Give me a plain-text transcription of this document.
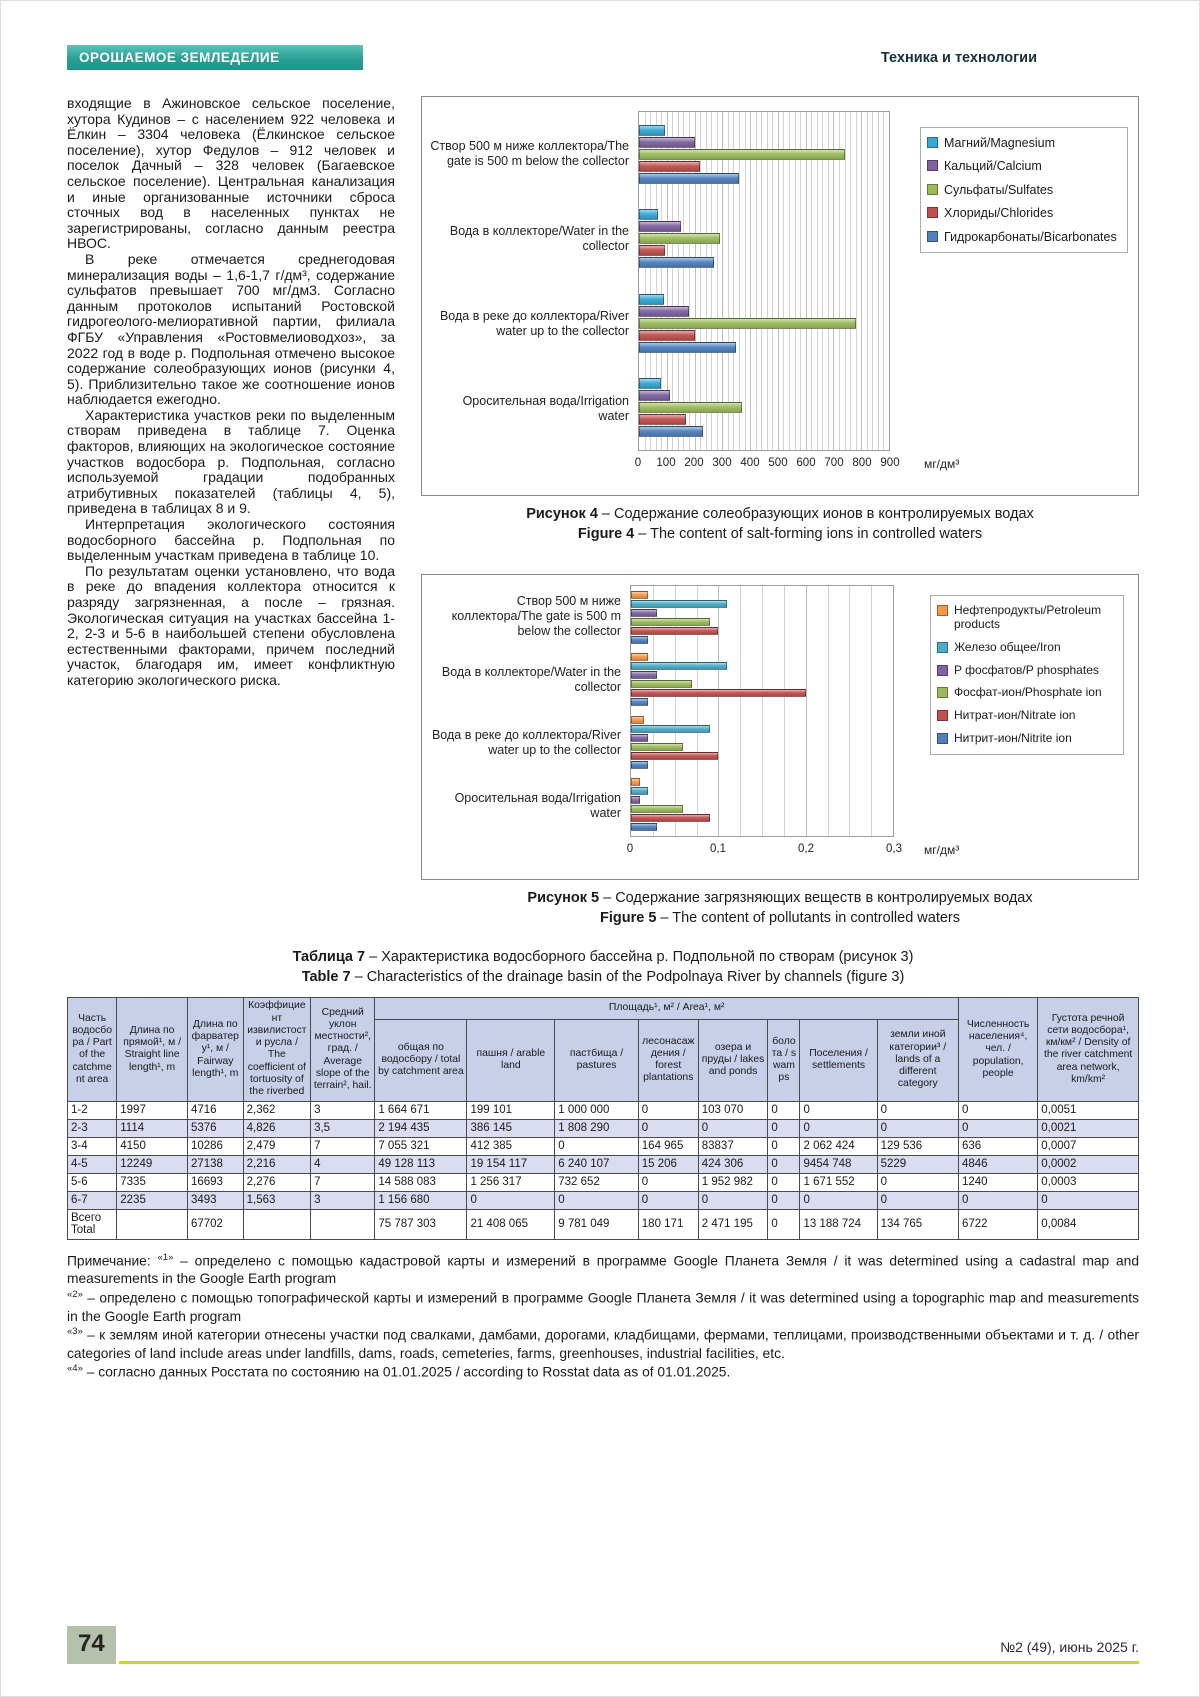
ОРОШАЕМОЕ ЗЕМЛЕДЕЛИЕ	Техника и технологии

входящие в Ажиновское сельское поселение, хутора Кудинов – с населением 922 человека и Ёлкин – 3304 человека (Ёлкинское сельское поселение), хутор Федулов – 912 человек и поселок Дачный – 328 человек (Багаевское сельское поселение). Центральная канализация и иные организованные источники сброса сточных вод в населенных пунктах не зарегистрированы, согласно данным реестра НВОС.

В реке отмечается среднегодовая минерализация воды – 1,6-1,7 г/дм³, содержание сульфатов превышает 700 мг/дм3. Согласно данным протоколов испытаний Ростовской гидрогеолого-мелиоративной партии, филиала ФГБУ «Управления «Ростовмелиоводхоз», за 2022 год в воде р. Подпольная отмечено высокое содержание солеобразующих ионов (рисунки 4, 5). Приблизительно такое же соотношение ионов наблюдается ежегодно.

Характеристика участков реки по выделенным створам приведена в таблице 7. Оценка факторов, влияющих на экологическое состояние участков водосбора р. Подпольная, согласно используемой градации подобранных атрибутивных показателей (таблицы 4, 5), приведена в таблицах 8 и 9.

Интерпретация экологического состояния водосборного бассейна р. Подпольная по выделенным участкам приведена в таблице 10.

По результатам оценки установлено, что вода в реке до впадения коллектора относится к разряду загрязненная, а после – грязная. Экологическая ситуация на участках бассейна 1-2, 2-3 и 5-6 в наибольшей степени обусловлена естественными факторами, причем последний участок, благодаря им, имеет конфликтную категорию экологического риска.

Створ 500 м ниже коллектора/The gate is 500 m below the collector
Вода в коллекторе/Water in the collector
Вода в реке до коллектора/River water up to the collector
Оросительная вода/Irrigation water
0 100 200 300 400 500 600 700 800 900 мг/дм³
Магний/Magnesium
Кальций/Calcium
Сульфаты/Sulfates
Хлориды/Chlorides
Гидрокарбонаты/Bicarbonates
Рисунок 4 – Содержание солеобразующих ионов в контролируемых водах
Figure 4 – The content of salt-forming ions in controlled waters
Створ 500 м ниже коллектора/The gate is 500 m below the collector
Вода в коллекторе/Water in the collector
Вода в реке до коллектора/River water up to the collector
Оросительная вода/Irrigation water
0	0,1	0,2	0,3 мг/дм³
Нефтепродукты/Petroleum products
Железо общее/Iron
P фосфатов/P phosphates
Фосфат-ион/Phosphate ion
Нитрат-ион/Nitrate ion
Нитрит-ион/Nitrite ion
Рисунок 5 – Содержание загрязняющих веществ в контролируемых водах
Figure 5 – The content of pollutants in controlled waters
Таблица 7 – Характеристика водосборного бассейна р. Подпольной по створам (рисунок 3)
Table 7 – Characteristics of the drainage basin of the Podpolnaya River by channels (figure 3)
Часть водосбора / Part of the catchment area	Длина по прямой¹, м / Straight line length¹, m	Длина по фарватеру¹, м / Fairway length¹, m	Коэффициент извилистости русла / The coefficient of tortuosity of the riverbed	Средний уклон местности², град. / Average slope of the terrain², hail.	Площадь¹, м² / Area¹, м²								Численность населения⁴, чел. / population, people	Густота речной сети водосбора¹, км/км² / Density of the river catchment area network, km/km²
					общая по водосбору / total by catchment area	пашня / arable land	пастбища / pastures	лесонасаждения / forest plantations	озера и пруды / lakes and ponds	болота / swamps	Поселения / settlements	земли иной категории³ / lands of a different category		
1-2	1997	4716	2,362	3	1 664 671	199 101	1 000 000	0	103 070	0	0	0	0	0,0051
2-3	1114	5376	4,826	3,5	2 194 435	386 145	1 808 290	0	0	0	0	0	0	0,0021
3-4	4150	10286	2,479	7	7 055 321	412 385	0	164 965	83837	0	2 062 424	129 536	636	0,0007
4-5	12249	27138	2,216	4	49 128 113	19 154 117	6 240 107	15 206	424 306	0	9454 748	5229	4846	0,0002
5-6	7335	16693	2,276	7	14 588 083	1 256 317	732 652	0	1 952 982	0	1 671 552	0	1240	0,0003
6-7	2235	3493	1,563	3	1 156 680	0	0	0	0	0	0	0	0	0
Всего Total		67702			75 787 303	21 408 065	9 781 049	180 171	2 471 195	0	13 188 724	134 765	6722	0,0084

Примечание: $^{«1»}$ – определено с помощью кадастровой карты и измерений в программе Google Планета Земля / it was determined using a cadastral map and measurements in the Google Earth program

$^{«2»}$ – определено с помощью топографической карты и измерений в программе Google Планета Земля / it was determined using a topographic map and measurements in the Google Earth program

$^{«3»}$ – к землям иной категории отнесены участки под свалками, дамбами, дорогами, кладбищами, фермами, теплицами, производственными объектами и т. д. / other categories of land include areas under landfills, dams, roads, cemeteries, farms, greenhouses, industrial facilities, etc.

$^{«4»}$ – согласно данных Росстата по состоянию на 01.01.2025 / according to Rosstat data as of 01.01.2025.

74	№2 (49), июнь 2025 г.
